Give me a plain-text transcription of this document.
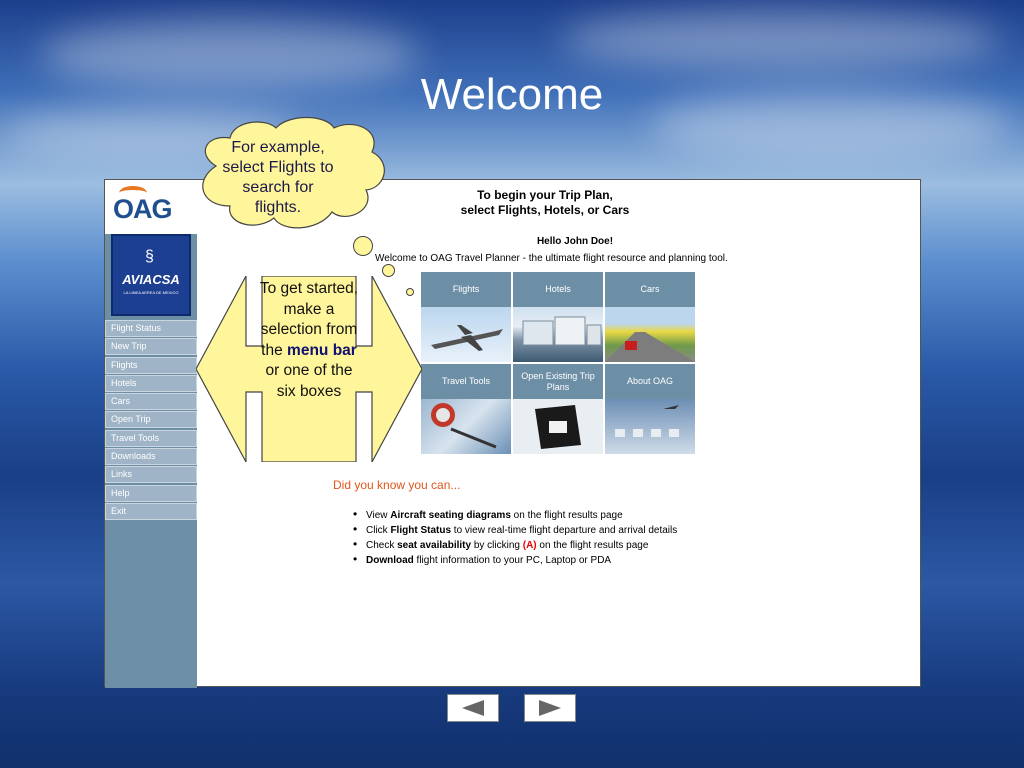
Welcome
OAG
§
AVIACSA
LA LINEA AEREA DE MEXICO
Flight Status
New Trip
Flights
Hotels
Cars
Open Trip
Travel Tools
Downloads
Links
Help
Exit
To begin your Trip Plan,
select Flights, Hotels, or Cars
Hello John Doe!
Welcome to OAG Travel Planner - the ultimate flight resource and planning tool.
Flights	Hotels	Cars
Travel Tools
Open Existing Trip Plans
About OAG
Did you know you can...
• View Aircraft seating diagrams on the flight results page
• Click Flight Status to view real-time flight departure and arrival details
• Check seat availability by clicking (A) on the flight results page
• Download flight information to your PC, Laptop or PDA
For example, select Flights to search for flights.
To get started, make a selection from the menu bar or one of the six boxes
